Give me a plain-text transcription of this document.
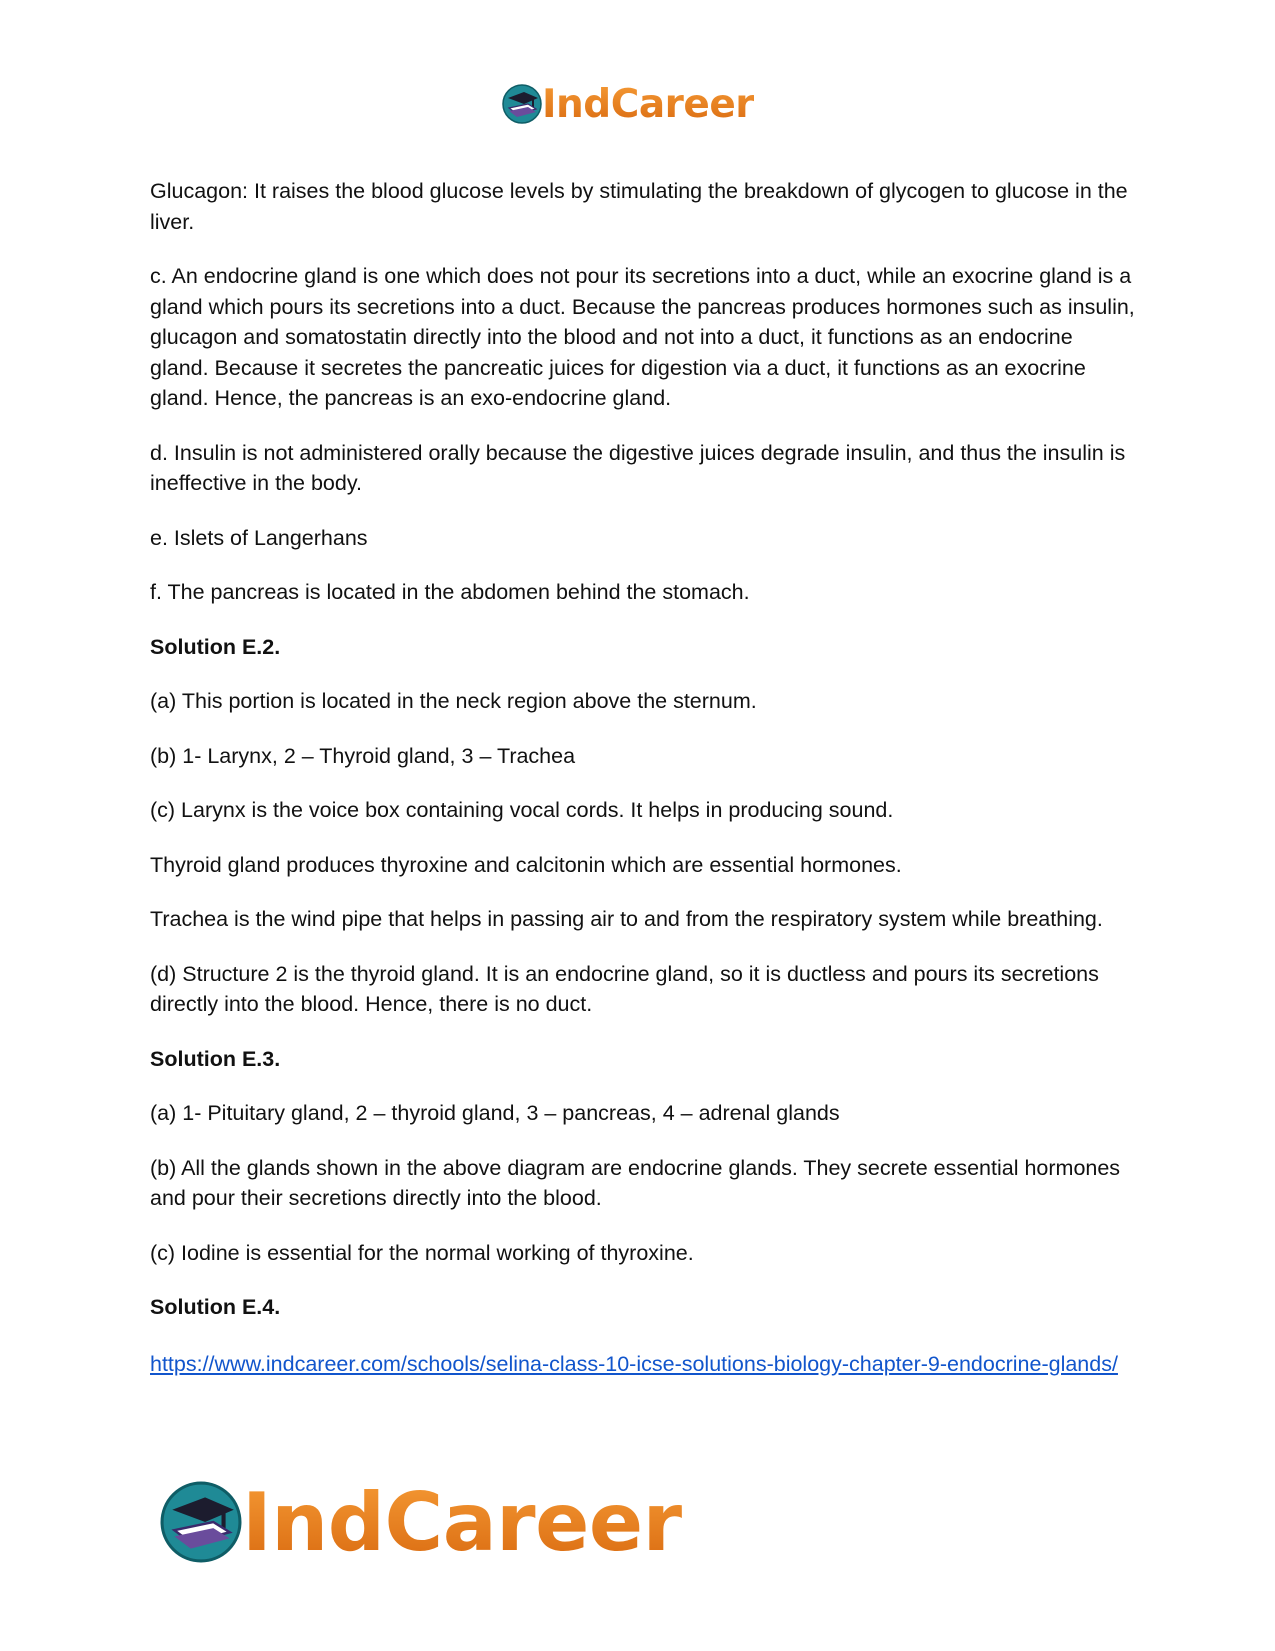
IndCareer

Glucagon: It raises the blood glucose levels by stimulating the breakdown of glycogen to glucose in the liver.

c. An endocrine gland is one which does not pour its secretions into a duct, while an exocrine gland is a gland which pours its secretions into a duct. Because the pancreas produces hormones such as insulin, glucagon and somatostatin directly into the blood and not into a duct, it functions as an endocrine gland. Because it secretes the pancreatic juices for digestion via a duct, it functions as an exocrine gland. Hence, the pancreas is an exo-endocrine gland.

d. Insulin is not administered orally because the digestive juices degrade insulin, and thus the insulin is ineffective in the body.

e. Islets of Langerhans

f. The pancreas is located in the abdomen behind the stomach.

Solution E.2.

(a) This portion is located in the neck region above the sternum.

(b) 1- Larynx, 2 – Thyroid gland, 3 – Trachea

(c) Larynx is the voice box containing vocal cords. It helps in producing sound.

Thyroid gland produces thyroxine and calcitonin which are essential hormones.

Trachea is the wind pipe that helps in passing air to and from the respiratory system while breathing.

(d) Structure 2 is the thyroid gland. It is an endocrine gland, so it is ductless and pours its secretions directly into the blood. Hence, there is no duct.

Solution E.3.

(a) 1- Pituitary gland, 2 – thyroid gland, 3 – pancreas, 4 – adrenal glands

(b) All the glands shown in the above diagram are endocrine glands. They secrete essential hormones and pour their secretions directly into the blood.

(c) Iodine is essential for the normal working of thyroxine.

Solution E.4.

https://www.indcareer.com/schools/selina-class-10-icse-solutions-biology-chapter-9-endocrine-glands/
IndCareer
